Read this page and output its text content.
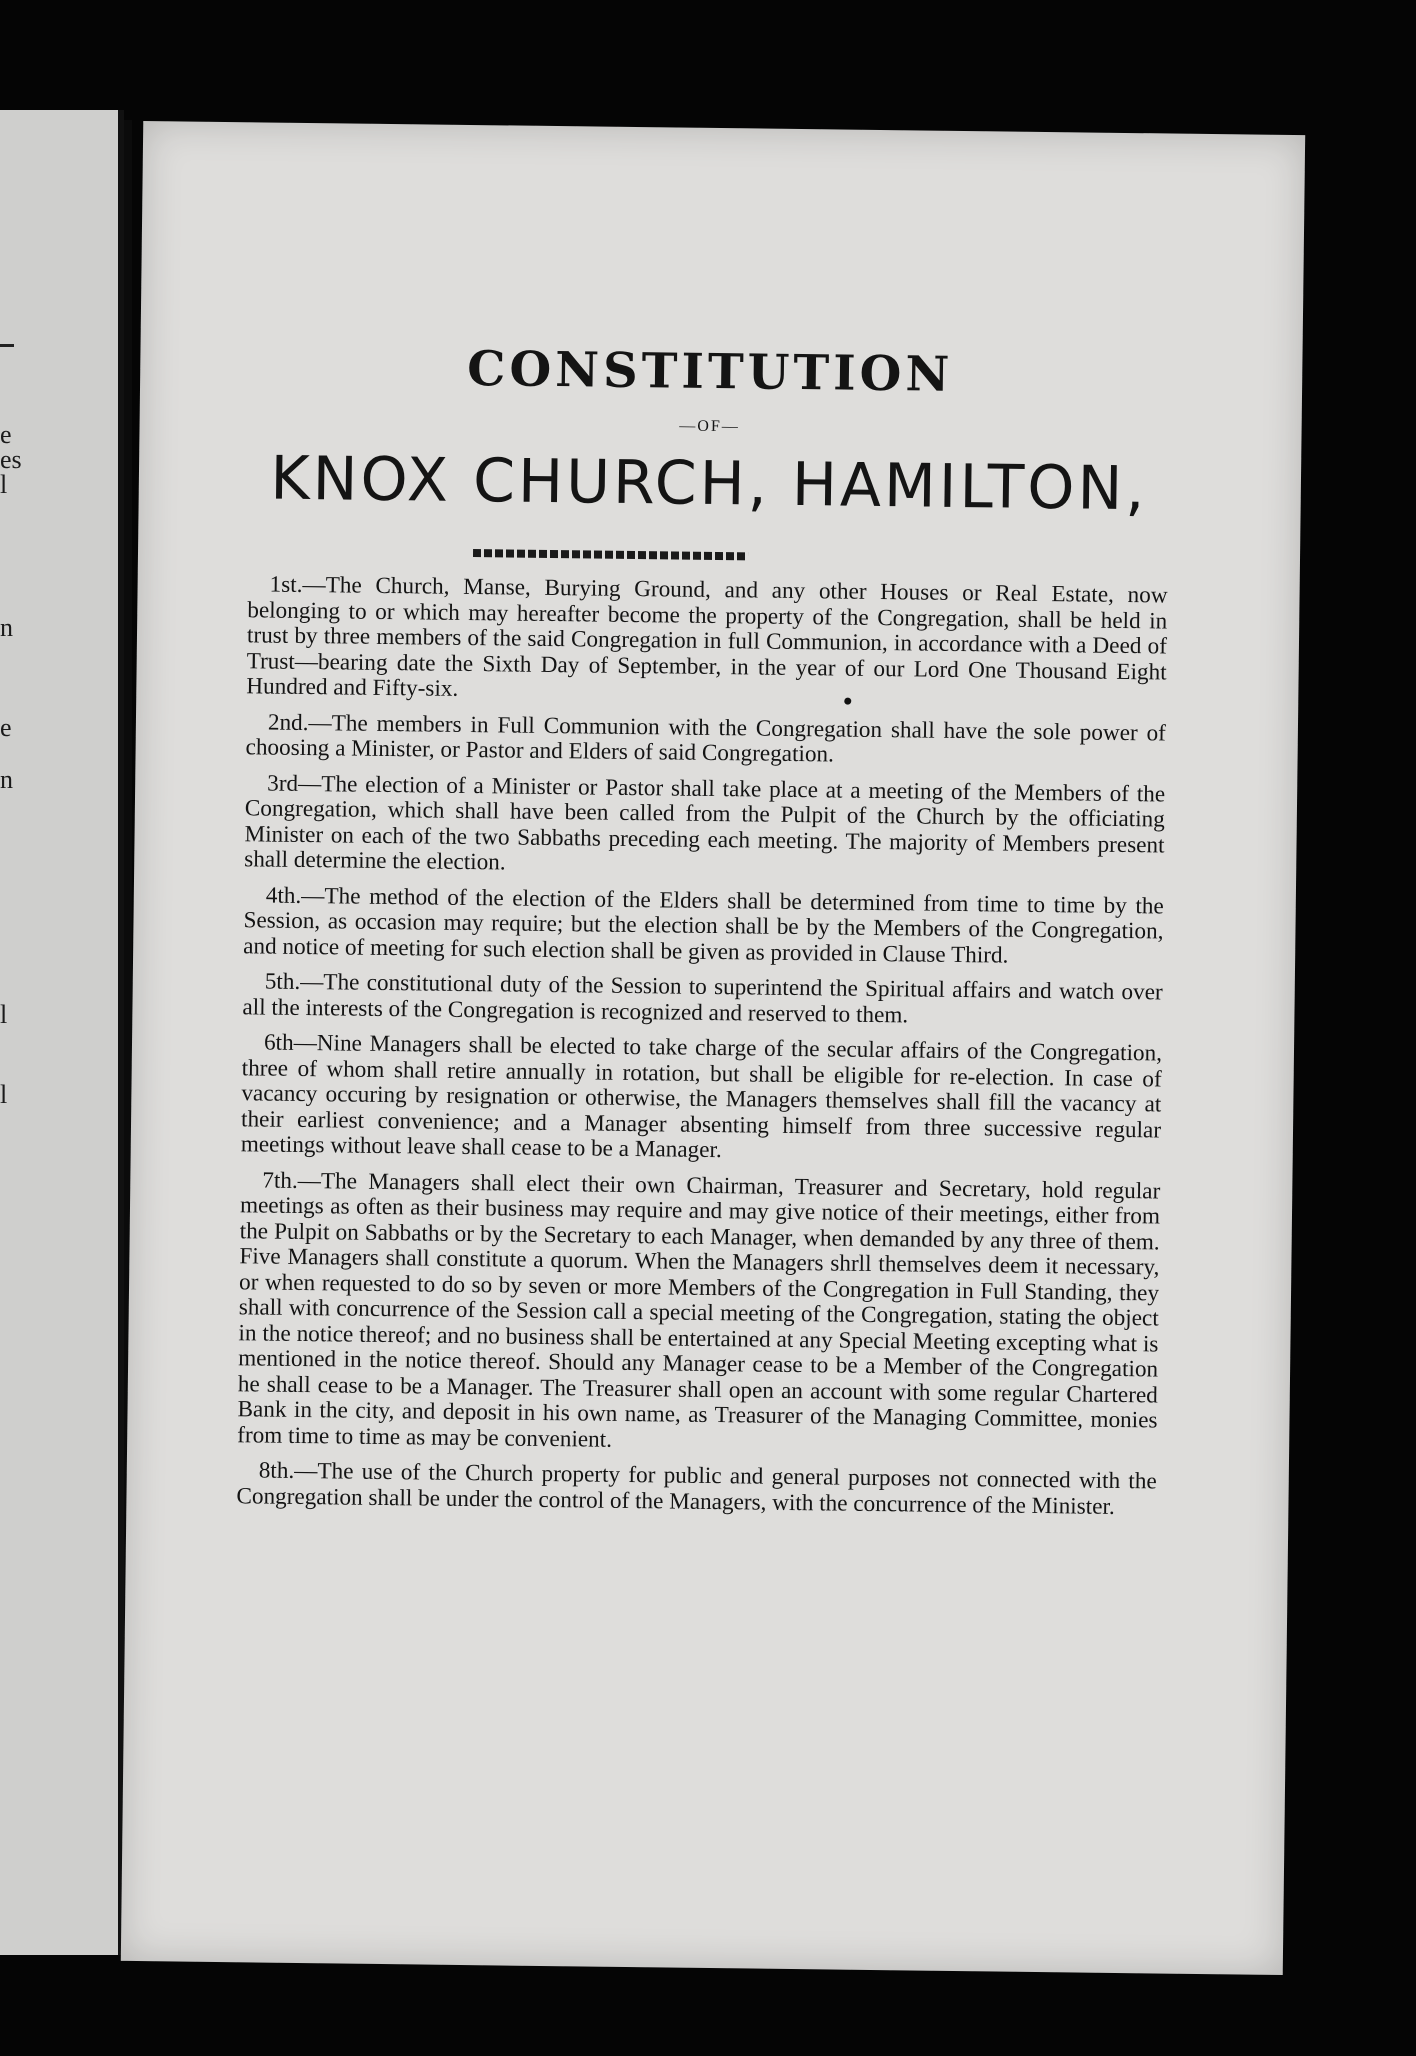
e
es
l
n
e
n
l
l
CONSTITUTION
—OF—
KNOX CHURCH, HAMILTON,

1st.—The Church, Manse, Burying Ground, and any other Houses or Real Estate, now belonging to or which may hereafter become the property of the Congregation, shall be held in trust by three members of the said Congregation in full Communion, in accordance with a Deed of Trust—bearing date the Sixth Day of September, in the year of our Lord One Thousand Eight Hundred and Fifty-six.

2nd.—The members in Full Communion with the Congregation shall have the sole power of choosing a Minister, or Pastor and Elders of said Congregation.

3rd—The election of a Minister or Pastor shall take place at a meeting of the Members of the Congregation, which shall have been called from the Pulpit of the Church by the officiating Minister on each of the two Sabbaths preceding each meeting. The majority of Members present shall determine the election.

4th.—The method of the election of the Elders shall be determined from time to time by the Session, as occasion may require; but the election shall be by the Members of the Congregation, and notice of meeting for such election shall be given as provided in Clause Third.

5th.—The constitutional duty of the Session to superintend the Spiritual affairs and watch over all the interests of the Congregation is recognized and reserved to them.

6th—Nine Managers shall be elected to take charge of the secular affairs of the Congregation, three of whom shall retire annually in rotation, but shall be eligible for re-election. In case of vacancy occuring by resignation or otherwise, the Managers themselves shall fill the vacancy at their earliest convenience; and a Manager absenting himself from three successive regular meetings without leave shall cease to be a Manager.

7th.—The Managers shall elect their own Chairman, Treasurer and Secretary, hold regular meetings as often as their business may require and may give notice of their meetings, either from the Pulpit on Sabbaths or by the Secretary to each Manager, when demanded by any three of them. Five Managers shall constitute a quorum. When the Managers shrll themselves deem it necessary, or when requested to do so by seven or more Members of the Congregation in Full Standing, they shall with concurrence of the Session call a special meeting of the Congregation, stating the object in the notice thereof; and no business shall be entertained at any Special Meeting excepting what is mentioned in the notice thereof. Should any Manager cease to be a Member of the Congregation he shall cease to be a Manager. The Treasurer shall open an account with some regular Chartered Bank in the city, and deposit in his own name, as Treasurer of the Managing Committee, monies from time to time as may be convenient.

8th.—The use of the Church property for public and general purposes not connected with the Congregation shall be under the control of the Managers, with the concurrence of the Minister.
